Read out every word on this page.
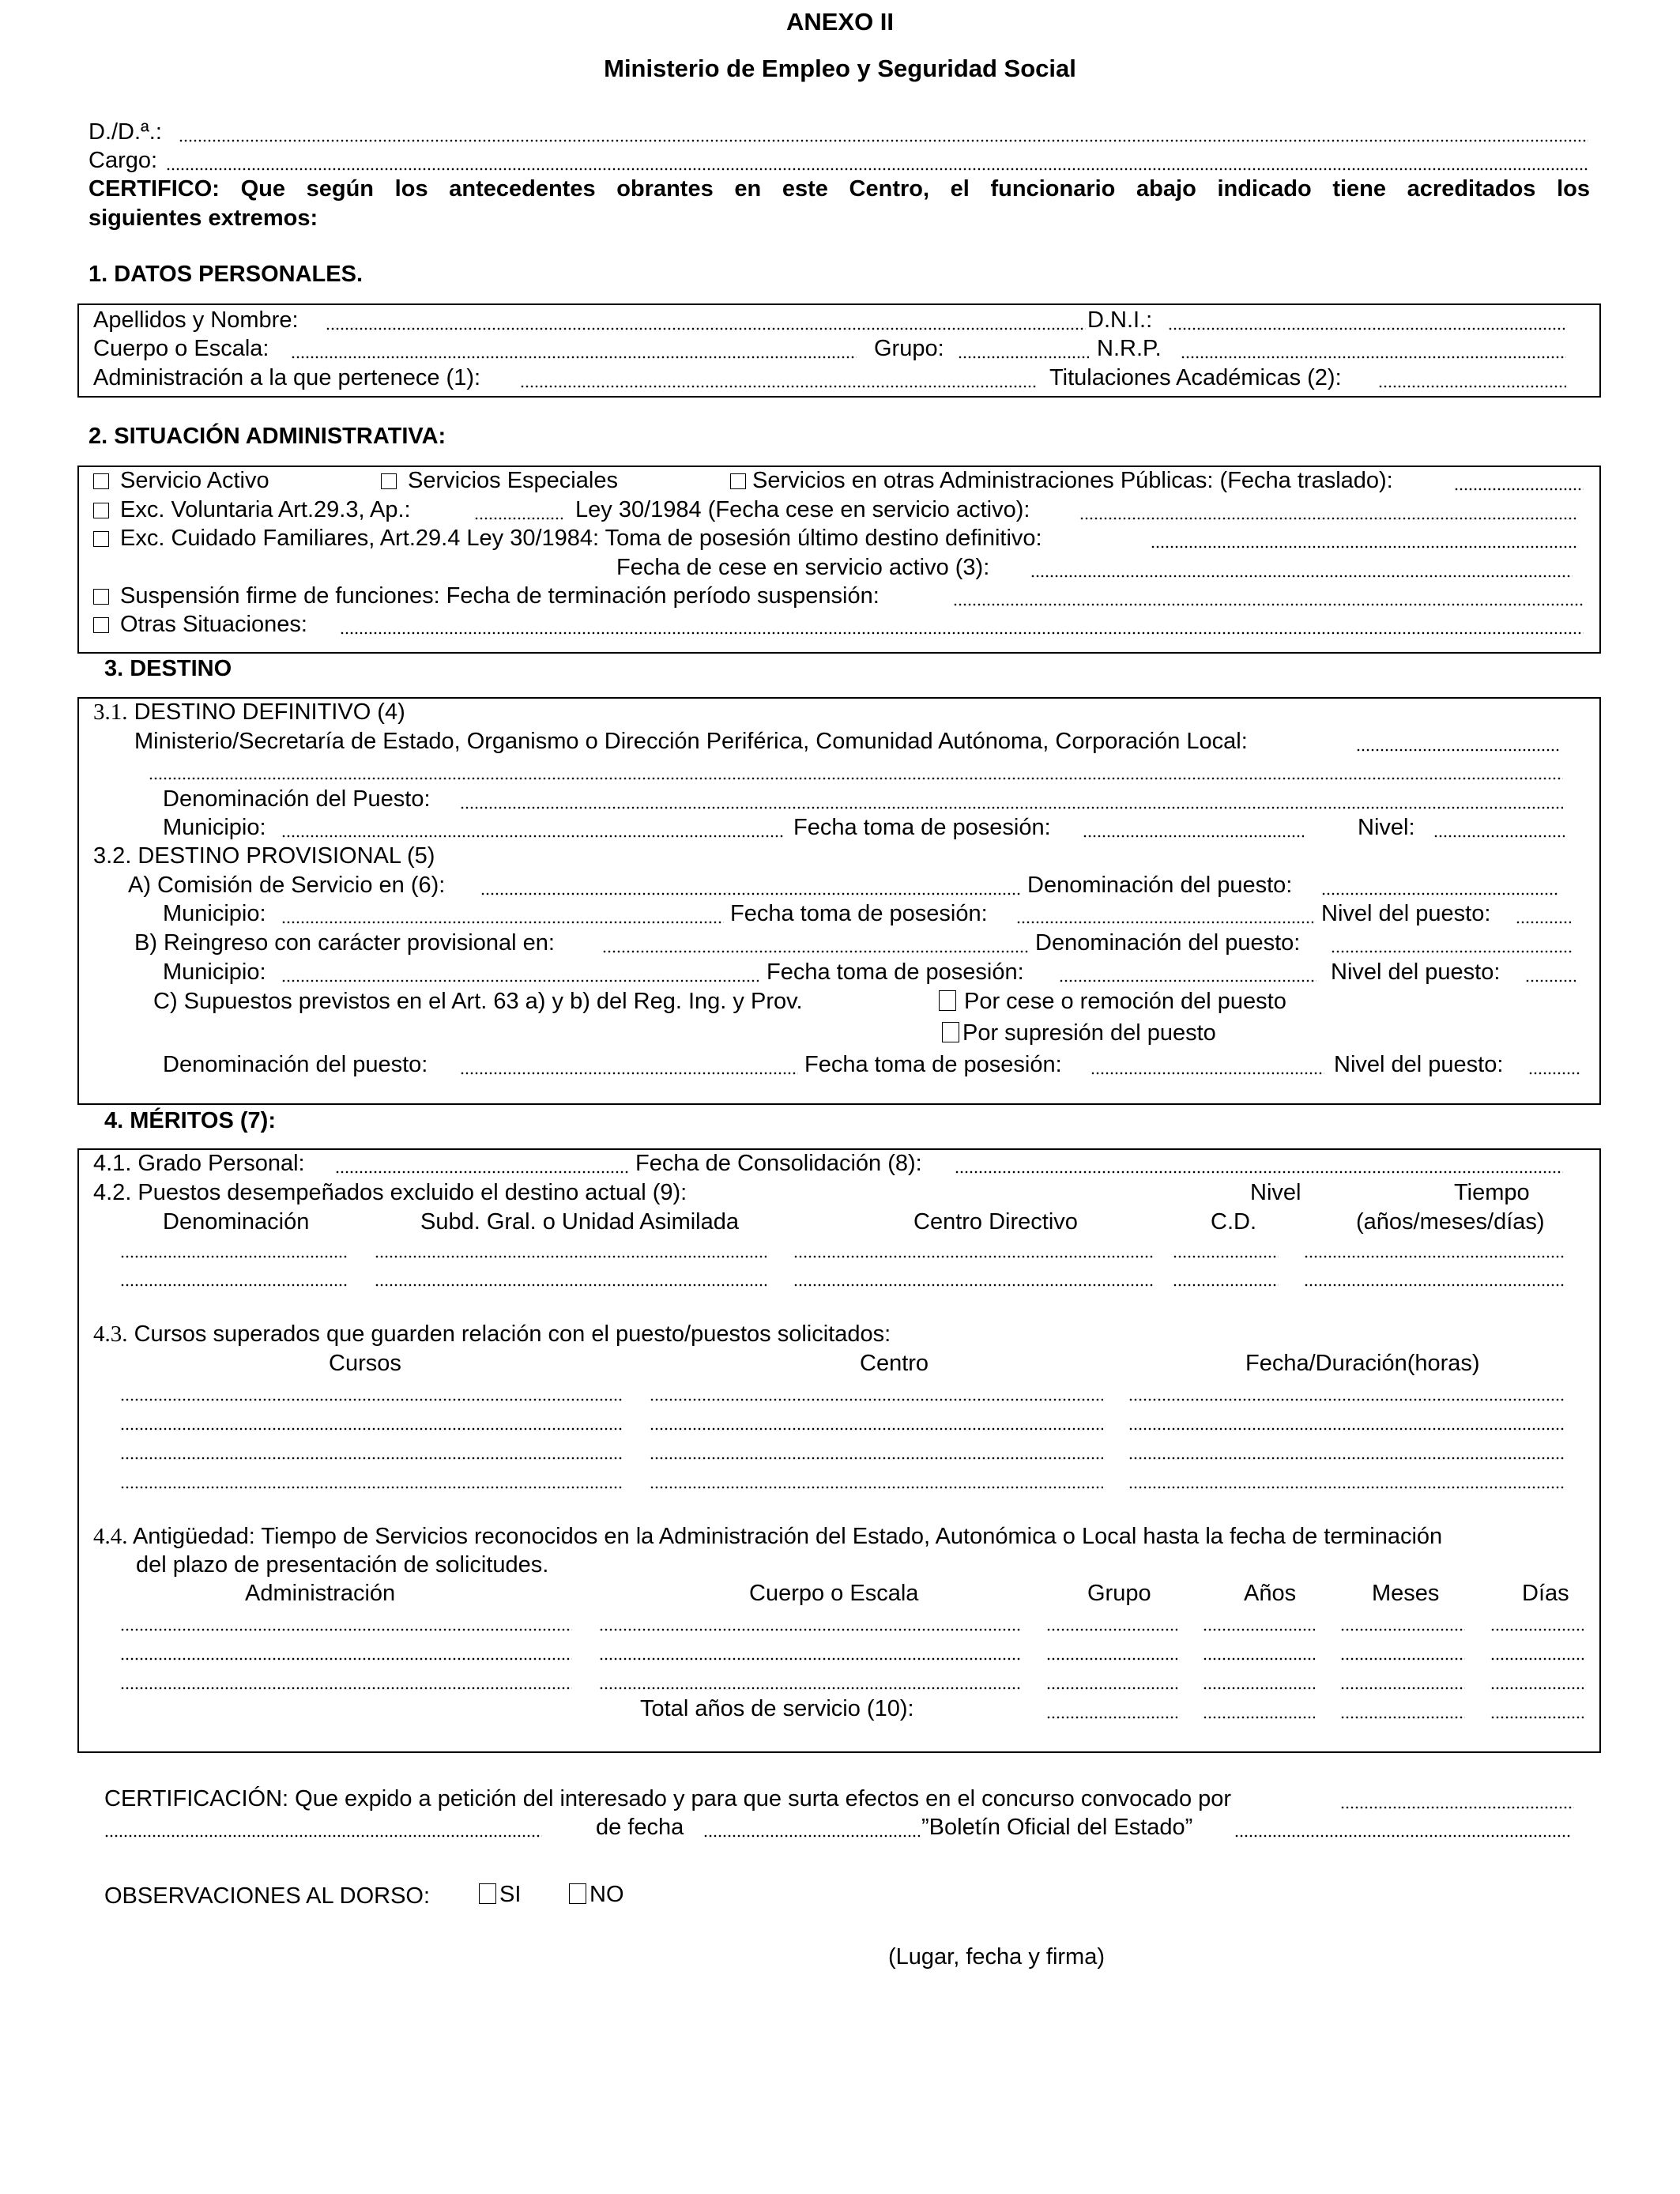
ANEXO II
Ministerio de Empleo y Seguridad Social
D./D.ª.:
Cargo:
CERTIFICO: Que según los antecedentes obrantes en este Centro, el funcionario abajo indicado tiene acreditados los
siguientes extremos:
1. DATOS PERSONALES.
Apellidos y Nombre:	D.N.I.:
Cuerpo o Escala:	Grupo:	N.R.P.
Administración a la que pertenece (1):	Titulaciones Académicas (2):
2. SITUACIÓN ADMINISTRATIVA:
Servicio Activo	Servicios Especiales	Servicios en otras Administraciones Públicas: (Fecha traslado):
Exc. Voluntaria Art.29.3, Ap.:	Ley 30/1984 (Fecha cese en servicio activo):
Exc. Cuidado Familiares, Art.29.4 Ley 30/1984: Toma de posesión último destino definitivo:
Fecha de cese en servicio activo (3):
Suspensión firme de funciones: Fecha de terminación período suspensión:
Otras Situaciones:
3. DESTINO
3.1. DESTINO DEFINITIVO (4)
Ministerio/Secretaría de Estado, Organismo o Dirección Periférica, Comunidad Autónoma, Corporación Local:
Denominación del Puesto:
Municipio:	Fecha toma de posesión:	Nivel:
3.2. DESTINO PROVISIONAL (5)
A) Comisión de Servicio en (6):	Denominación del puesto:
Municipio:	Fecha toma de posesión:	Nivel del puesto:
B) Reingreso con carácter provisional en:	Denominación del puesto:
Municipio:	Fecha toma de posesión:	Nivel del puesto:
C) Supuestos previstos en el Art. 63 a) y b) del Reg. Ing. y Prov.	Por cese o remoción del puesto
Por supresión del puesto
Denominación del puesto:	Fecha toma de posesión:	Nivel del puesto:
4. MÉRITOS (7):
4.1. Grado Personal:	Fecha de Consolidación (8):
4.2. Puestos desempeñados excluido el destino actual (9):	Nivel	Tiempo
Denominación	Subd. Gral. o Unidad Asimilada	Centro Directivo	C.D.	(años/meses/días)
4.3. Cursos superados que guarden relación con el puesto/puestos solicitados:
Cursos	Centro	Fecha/Duración(horas)
4.4. Antigüedad: Tiempo de Servicios reconocidos en la Administración del Estado, Autonómica o Local hasta la fecha de terminación
del plazo de presentación de solicitudes.
Administración	Cuerpo o Escala	Grupo	Años	Meses	Días
Total años de servicio (10):
CERTIFICACIÓN: Que expido a petición del interesado y para que surta efectos en el concurso convocado por
de fecha	”Boletín Oficial del Estado”
OBSERVACIONES AL DORSO:	SI	NO
(Lugar, fecha y firma)
